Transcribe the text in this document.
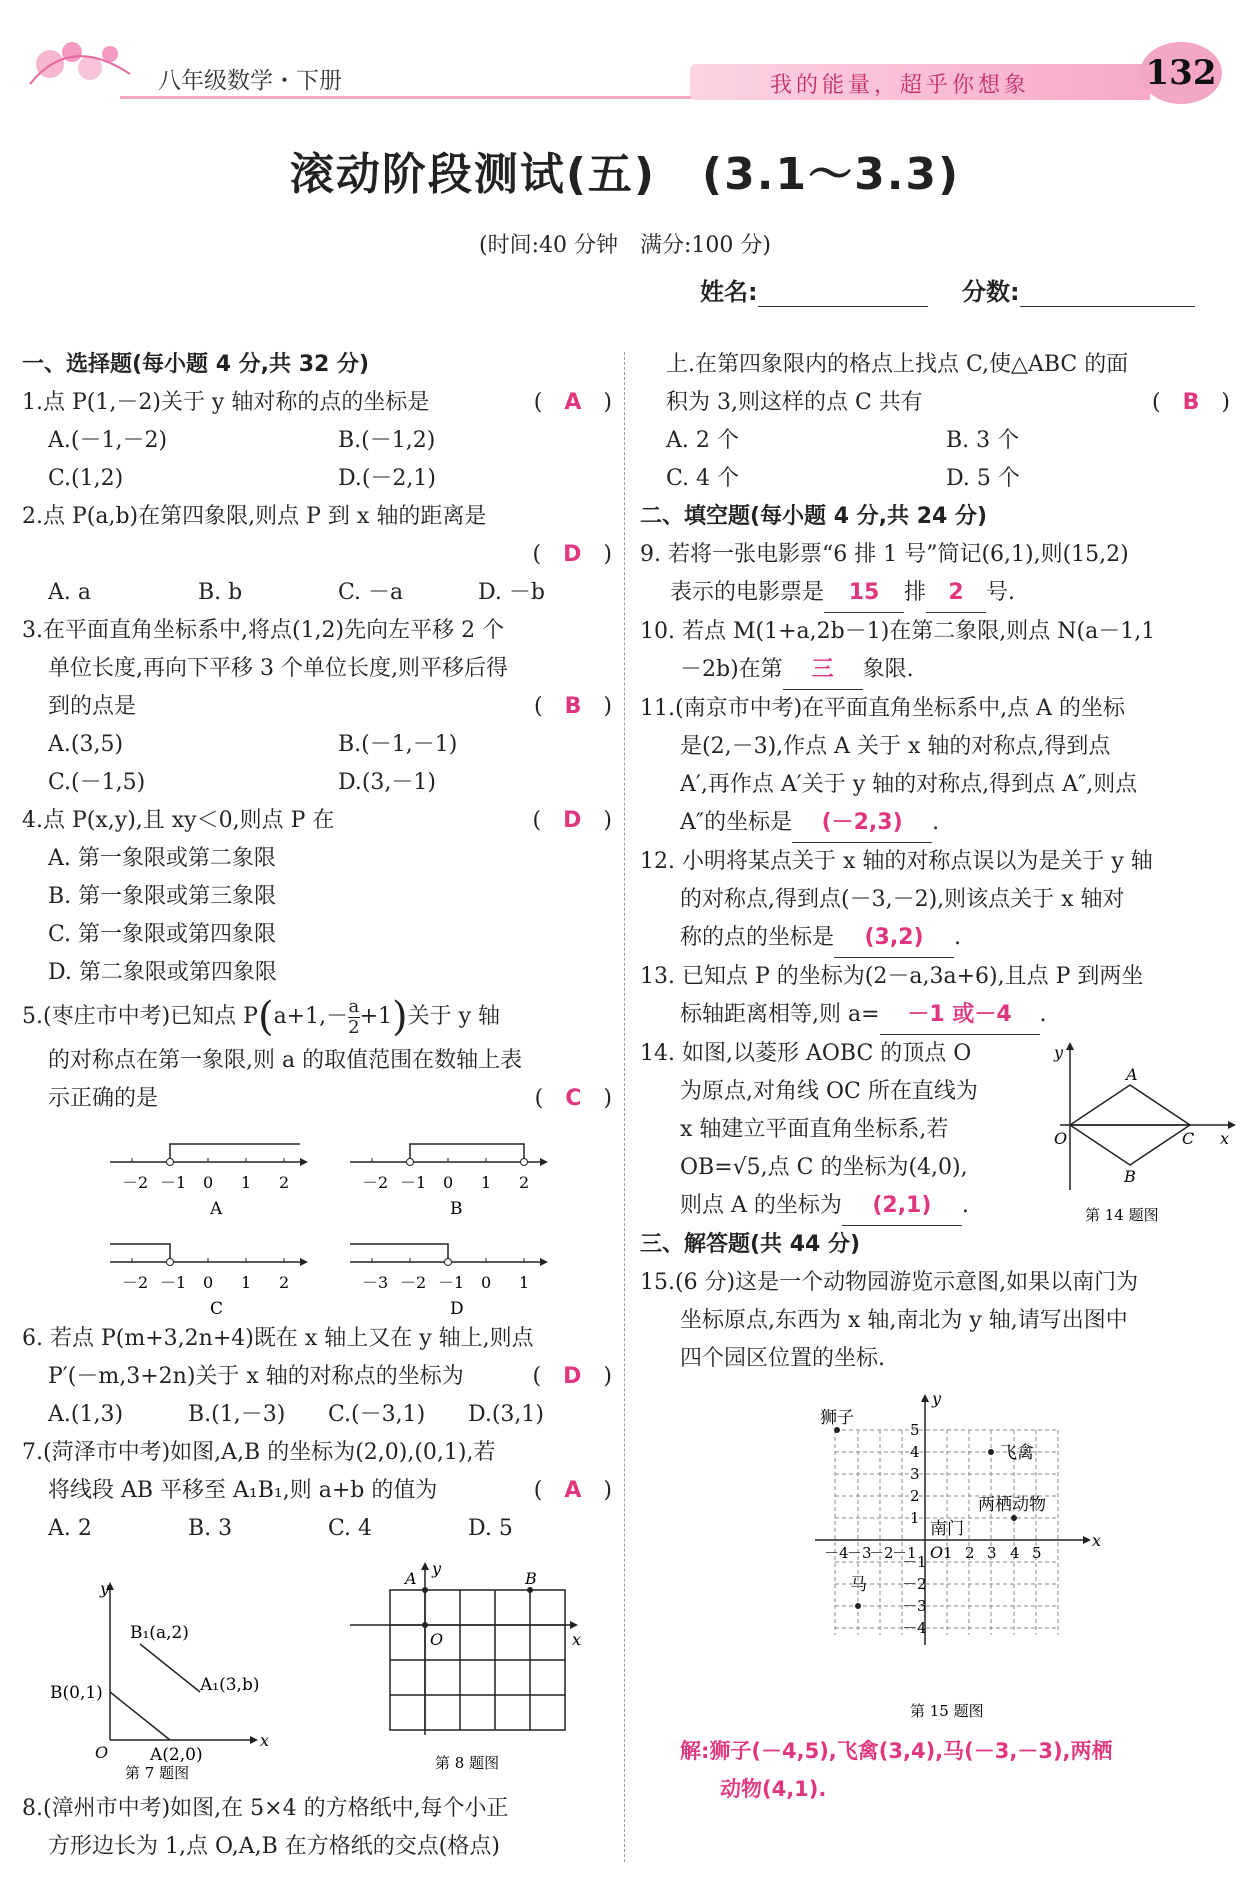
八年级数学・下册	我的能量，超乎你想象	132
滚动阶段测试(五)　(3.1～3.3)
(时间:40 分钟　满分:100 分)
姓名:	分数:
一、选择题(每小题 4 分,共 32 分)
1.点 P(1,－2)关于 y 轴对称的点的坐标是	(　A　)
A.(－1,－2)	B.(－1,2)
C.(1,2)	D.(－2,1)
2.点 P(a,b)在第四象限,则点 P 到 x 轴的距离是
(　D　)
A. a	B. b	C. －a	D. －b
3.在平面直角坐标系中,将点(1,2)先向左平移 2 个
单位长度,再向下平移 3 个单位长度,则平移后得
到的点是	(　B　)
A.(3,5)	B.(－1,－1)
C.(－1,5)	D.(3,－1)
4.点 P(x,y),且 xy＜0,则点 P 在	(　D　)
A. 第一象限或第二象限
B. 第一象限或第三象限
C. 第一象限或第四象限
D. 第二象限或第四象限
5.(枣庄市中考)已知点 $P(a+1,- \frac{a}{2} +1)$关于 y 轴
的对称点在第一象限,则 a 的取值范围在数轴上表
示正确的是	(　C　)
－2 －1 0 1 2
A
－2 －1 0 1 2
B
－2 －1 0 1 2
C
－3 －2 －1 0 1
D
6. 若点 P(m+3,2n+4)既在 x 轴上又在 y 轴上,则点
P′(－m,3+2n)关于 x 轴的对称点的坐标为	(　D　)
A.(1,3)	B.(1,－3) C.(－3,1) D.(3,1)
7.(菏泽市中考)如图,A,B 的坐标为(2,0),(0,1),若
将线段 AB 平移至 A₁B₁,则 a+b 的值为	(　A　)
A. 2	B. 3	C. 4	D. 5
x
y
O
B(0,1)
A(2,0)
B₁(a,2)
A₁(3,b)
第 7 题图
A	B
O	x
y
第 8 题图
8.(漳州市中考)如图,在 5×4 的方格纸中,每个小正
方形边长为 1,点 O,A,B 在方格纸的交点(格点)
上.在第四象限内的格点上找点 C,使△ABC 的面
积为 3,则这样的点 C 共有	(　B　)
A. 2 个	B. 3 个
C. 4 个	D. 5 个
二、填空题(每小题 4 分,共 24 分)
9. 若将一张电影票“6 排 1 号”简记(6,1),则(15,2)
表示的电影票是 15 排 2 号.
10. 若点 M(1+a,2b－1)在第二象限,则点 N(a－1,1
－2b)在第 三 象限.
11.(南京市中考)在平面直角坐标系中,点 A 的坐标
是(2,－3),作点 A 关于 x 轴的对称点,得到点
A′,再作点 A′关于 y 轴的对称点,得到点 A″,则点
A″的坐标是 (－2,3) .
12. 小明将某点关于 x 轴的对称点误以为是关于 y 轴
的对称点,得到点(－3,－2),则该点关于 x 轴对
称的点的坐标是 (3,2) .
13. 已知点 P 的坐标为(2－a,3a+6),且点 P 到两坐
标轴距离相等,则 a= －1 或－4 .
14. 如图,以菱形 AOBC 的顶点 O
为原点,对角线 OC 所在直线为
x 轴建立平面直角坐标系,若
OB=√5,点 C 的坐标为(4,0),
则点 A 的坐标为 (2,1) .
三、解答题(共 44 分)
15.(6 分)这是一个动物园游览示意图,如果以南门为
坐标原点,东西为 x 轴,南北为 y 轴,请写出图中
四个园区位置的坐标.
A
B
C
O	x
y
第 14 题图
狮子
飞禽
两栖动物
南门
马
x
y
O
－4
－3
－2
－1 1 2 3 4 5
1
2
3
4
5
－1
－2
－3
－4
第 15 题图
解:狮子(－4,5),飞禽(3,4),马(－3,－3),两栖
动物(4,1).
